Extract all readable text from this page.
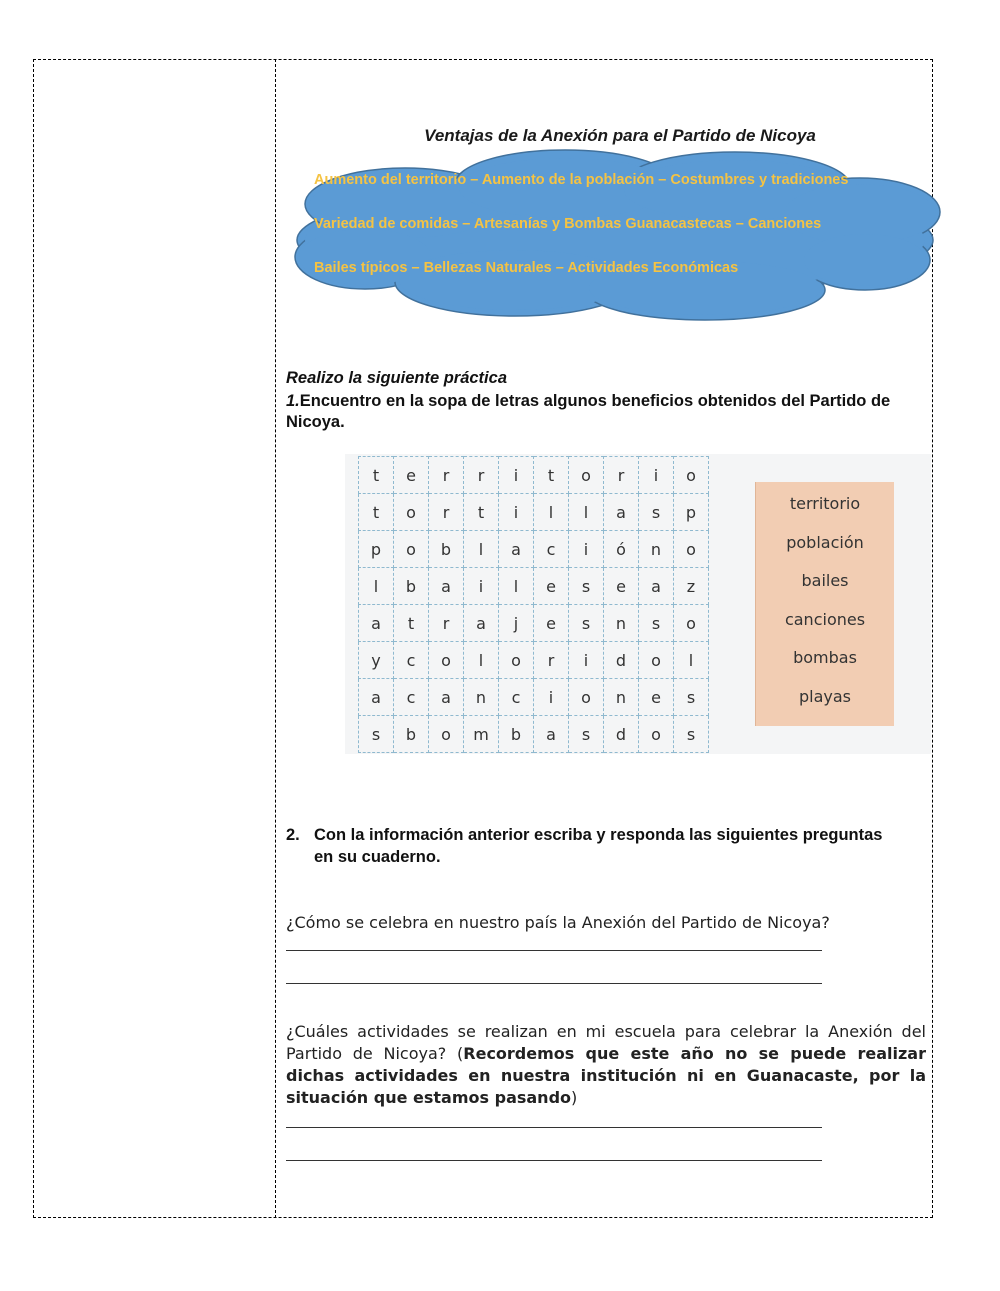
Ventajas de la Anexión para el Partido de Nicoya
Aumento del territorio – Aumento de la población – Costumbres y tradiciones
Variedad de comidas – Artesanías y Bombas Guanacastecas – Canciones
Bailes típicos – Bellezas Naturales – Actividades Económicas
Realizo la siguiente práctica
1.Encuentro en la sopa de letras algunos beneficios obtenidos del Partido de Nicoya.
t	e	r	r	i	t	o	r	i	o
t	o	r	t	i	l	l	a	s	p
p	o	b	l	a	c	i	ó	n	o
l	b	a	i	l	e	s	e	a	z
a	t	r	a	j	e	s	n	s	o
y	c	o	l	o	r	i	d	o	l
a	c	a	n	c	i	o	n	e	s
s	b	o	m	b	a	s	d	o	s
territorio
población
bailes
canciones
bombas
playas
2. Con la información anterior escriba y responda las siguientes preguntas en su cuaderno.
¿Cómo se celebra en nuestro país la Anexión del Partido de Nicoya?
¿Cuáles actividades se realizan en mi escuela para celebrar la Anexión del Partido de Nicoya? (Recordemos que este año no se puede realizar dichas actividades en nuestra institución ni en Guanacaste, por la situación que estamos pasando)
